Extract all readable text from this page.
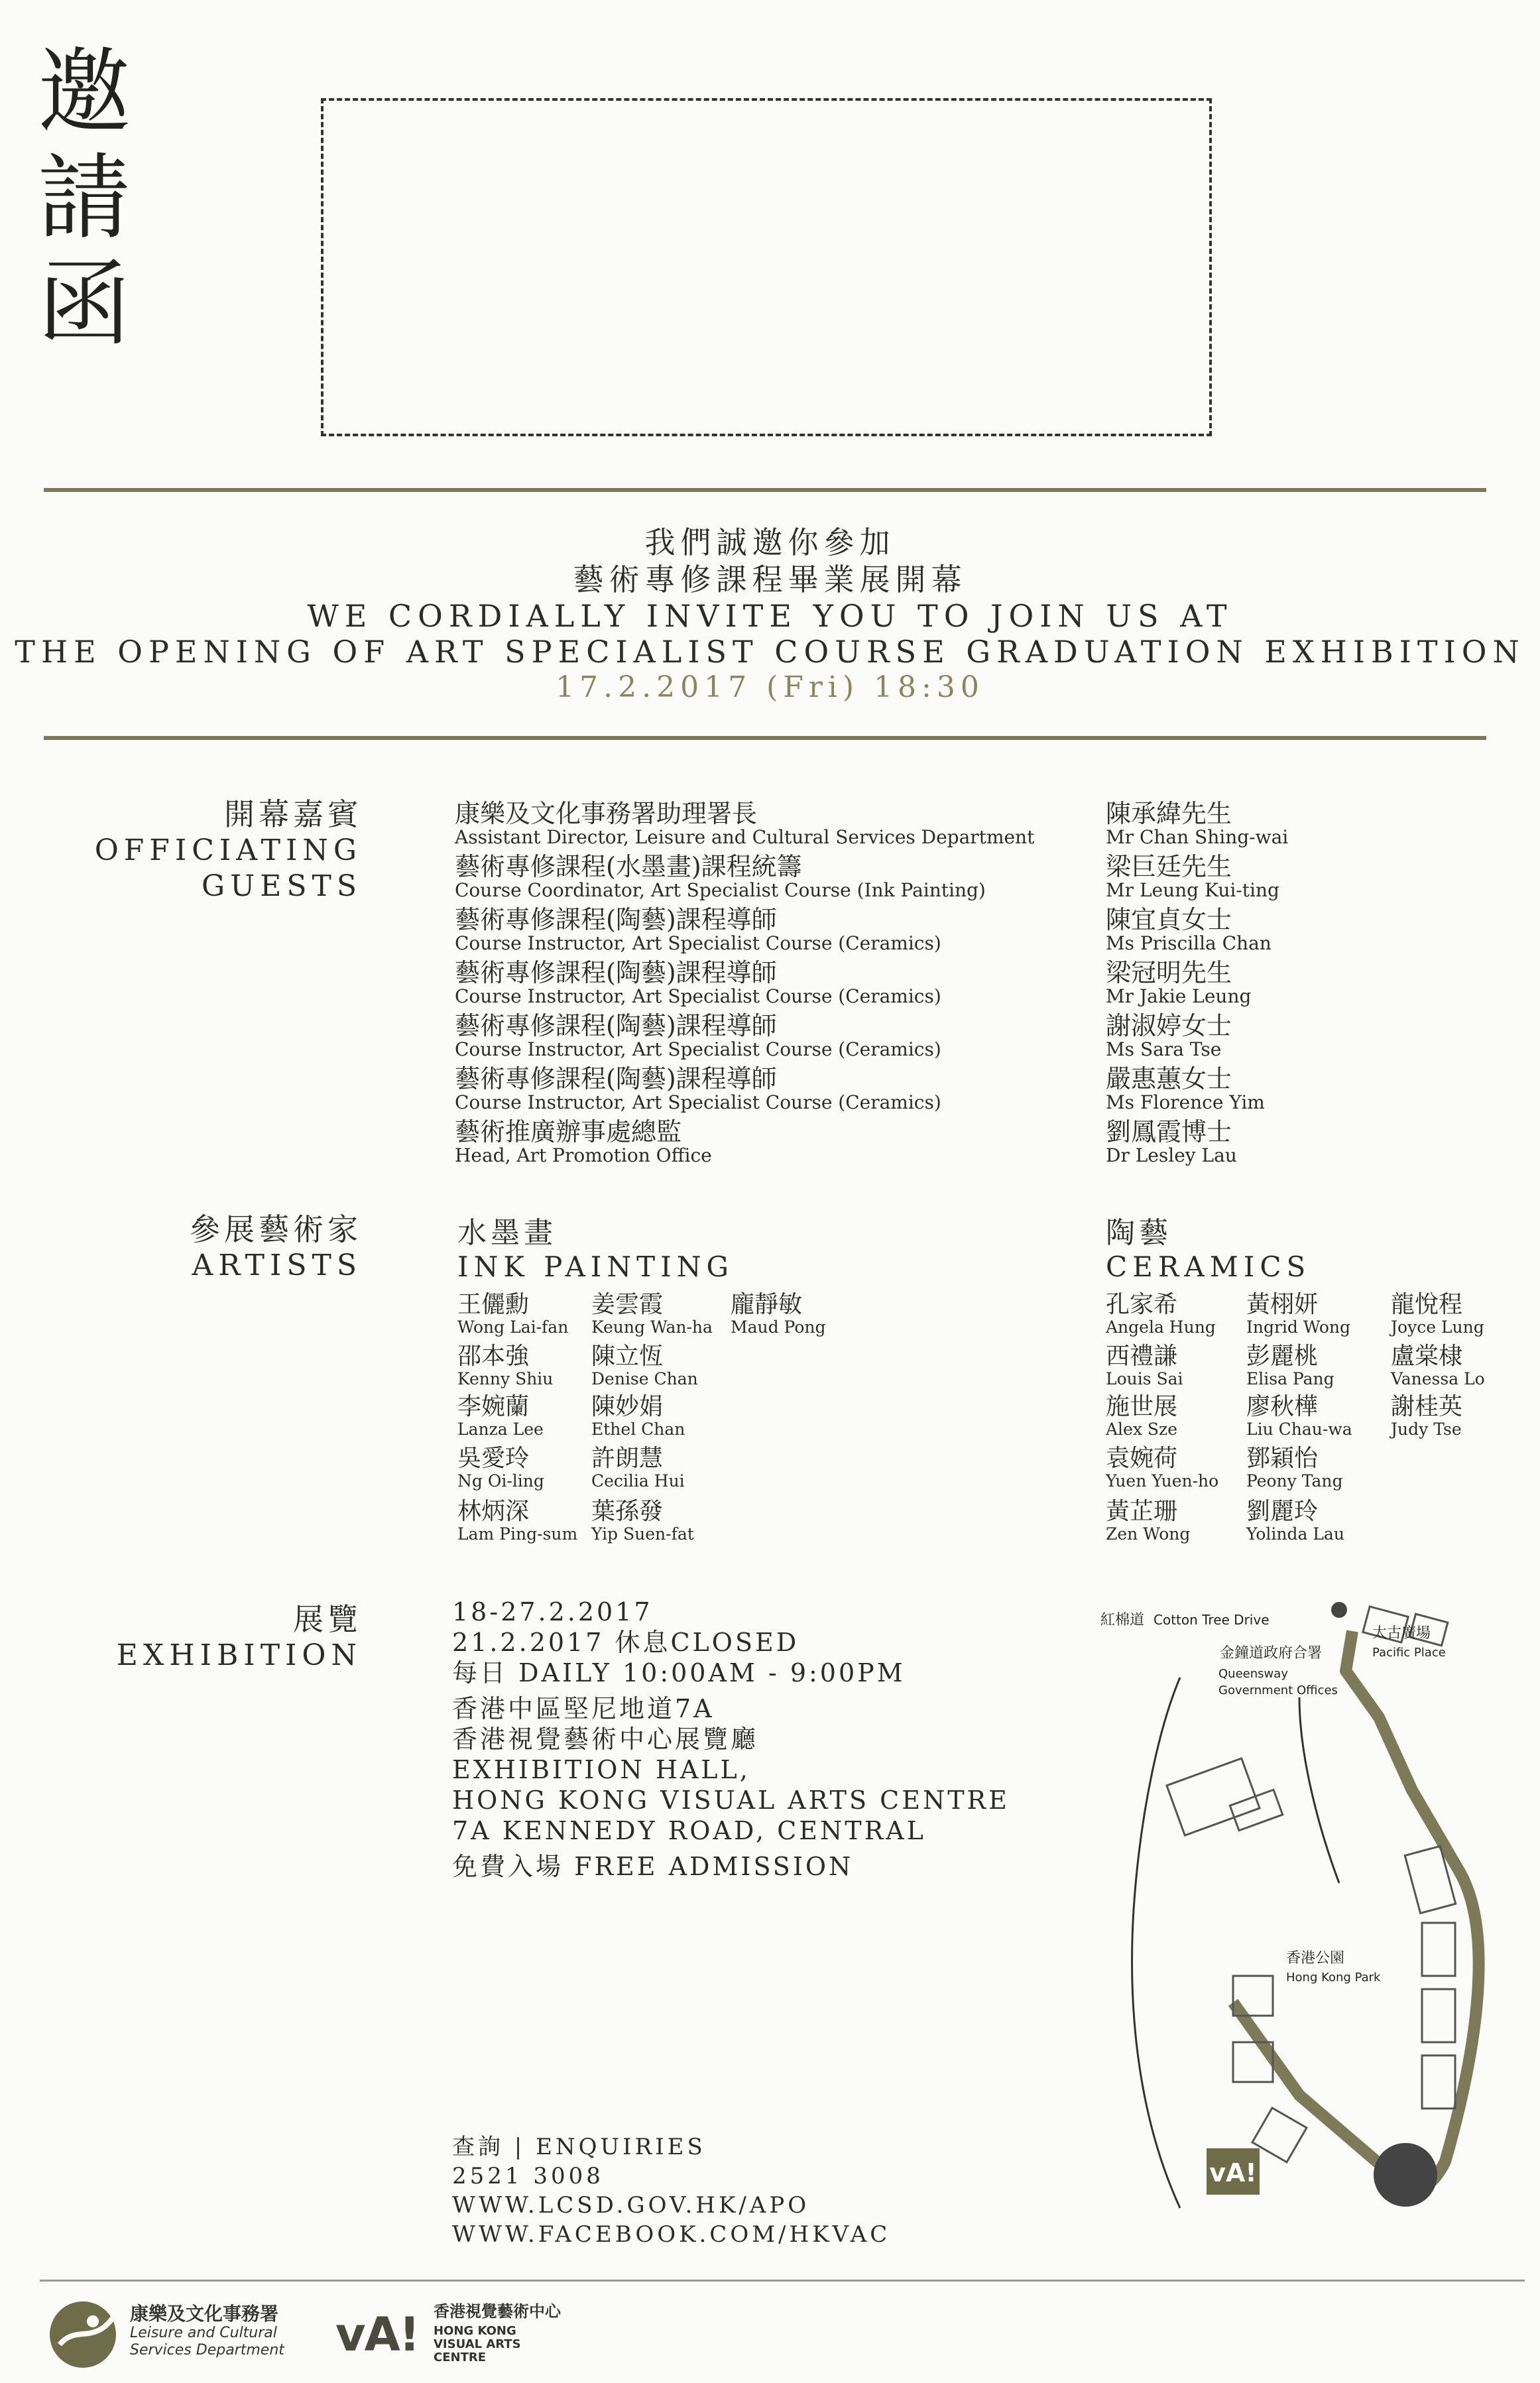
邀
請
函
我們誠邀你參加
藝術專修課程畢業展開幕
WE CORDIALLY INVITE YOU TO JOIN US AT
THE OPENING OF ART SPECIALIST COURSE GRADUATION EXHIBITION
17.2.2017 (Fri) 18:30
開幕嘉賓
OFFICIATING
GUESTS
康樂及文化事務署助理署長
Assistant Director, Leisure and Cultural Services Department
陳承緯先生
Mr Chan Shing-wai
藝術專修課程(水墨畫)課程統籌
Course Coordinator, Art Specialist Course (Ink Painting)
梁巨廷先生
Mr Leung Kui-ting
藝術專修課程(陶藝)課程導師
Course Instructor, Art Specialist Course (Ceramics)
陳宜貞女士
Ms Priscilla Chan
藝術專修課程(陶藝)課程導師
Course Instructor, Art Specialist Course (Ceramics)
梁冠明先生
Mr Jakie Leung
藝術專修課程(陶藝)課程導師
Course Instructor, Art Specialist Course (Ceramics)
謝淑婷女士
Ms Sara Tse
藝術專修課程(陶藝)課程導師
Course Instructor, Art Specialist Course (Ceramics)
嚴惠蕙女士
Ms Florence Yim
藝術推廣辦事處總監
Head, Art Promotion Office
劉鳳霞博士
Dr Lesley Lau
參展藝術家
ARTISTS
水墨畫
INK PAINTING
陶藝
CERAMICS
王儷勳
Wong Lai-fan
邵本強
Kenny Shiu
李婉蘭
Lanza Lee
吳愛玲
Ng Oi-ling
林炳深
Lam Ping-sum
姜雲霞
Keung Wan-ha
陳立恆
Denise Chan
陳妙娟
Ethel Chan
許朗慧
Cecilia Hui
葉孫發
Yip Suen-fat
龐靜敏
Maud Pong
孔家希
Angela Hung
西禮謙
Louis Sai
施世展
Alex Sze
袁婉荷
Yuen Yuen-ho
黃芷珊
Zen Wong
黃栩妍
Ingrid Wong
彭麗桃
Elisa Pang
廖秋樺
Liu Chau-wa
鄧穎怡
Peony Tang
劉麗玲
Yolinda Lau
龍悅程
Joyce Lung
盧棠棣
Vanessa Lo
謝桂英
Judy Tse
展覽
EXHIBITION
18-27.2.2017
21.2.2017 休息CLOSED
每日 DAILY 10:00AM - 9:00PM
香港中區堅尼地道7A
香港視覺藝術中心展覽廳
EXHIBITION HALL,
HONG KONG VISUAL ARTS CENTRE
7A KENNEDY ROAD, CENTRAL
免費入場 FREE ADMISSION
查詢 | ENQUIRIES
2521 3008
WWW.LCSD.GOV.HK/APO
WWW.FACEBOOK.COM/HKVAC
vA!
紅棉道 Cotton Tree Drive
金鐘道政府合署
Queensway
Government Offices
太古廣場
Pacific Place
香港公園
Hong Kong Park
康樂及文化事務署
Leisure and Cultural
Services Department vA! 香港視覺藝術中心
HONG KONG
VISUAL ARTS
CENTRE
